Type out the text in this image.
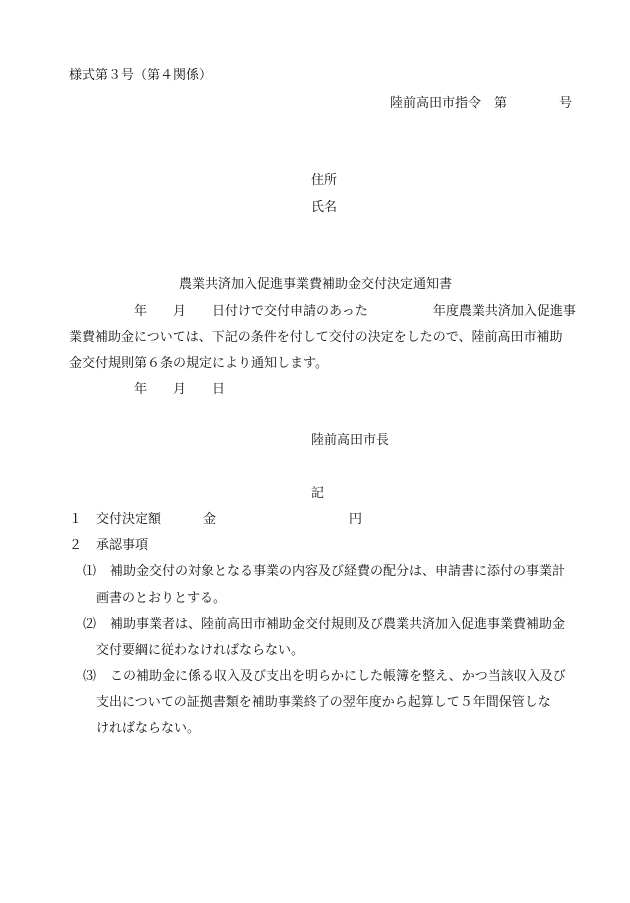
様式第３号（第４関係）
陸前高田市指令　第　　　　号
住所
氏名
農業共済加入促進事業費補助金交付決定通知書
　　　　　年　　月　　日付けで交付申請のあった　　　　　年度農業共済加入促進事
業費補助金については、下記の条件を付して交付の決定をしたので、陸前高田市補助
金交付規則第６条の規定により通知します。
　　　　　年　　月　　日
陸前高田市長
記
１ 交付決定額	金	円
２ 承認事項
⑴ 補助金交付の対象となる事業の内容及び経費の配分は、申請書に添付の事業計
画書のとおりとする。
⑵ 補助事業者は、陸前高田市補助金交付規則及び農業共済加入促進事業費補助金
交付要綱に従わなければならない。
⑶ この補助金に係る収入及び支出を明らかにした帳簿を整え、かつ当該収入及び
支出についての証拠書類を補助事業終了の翌年度から起算して５年間保管しな
ければならない。
